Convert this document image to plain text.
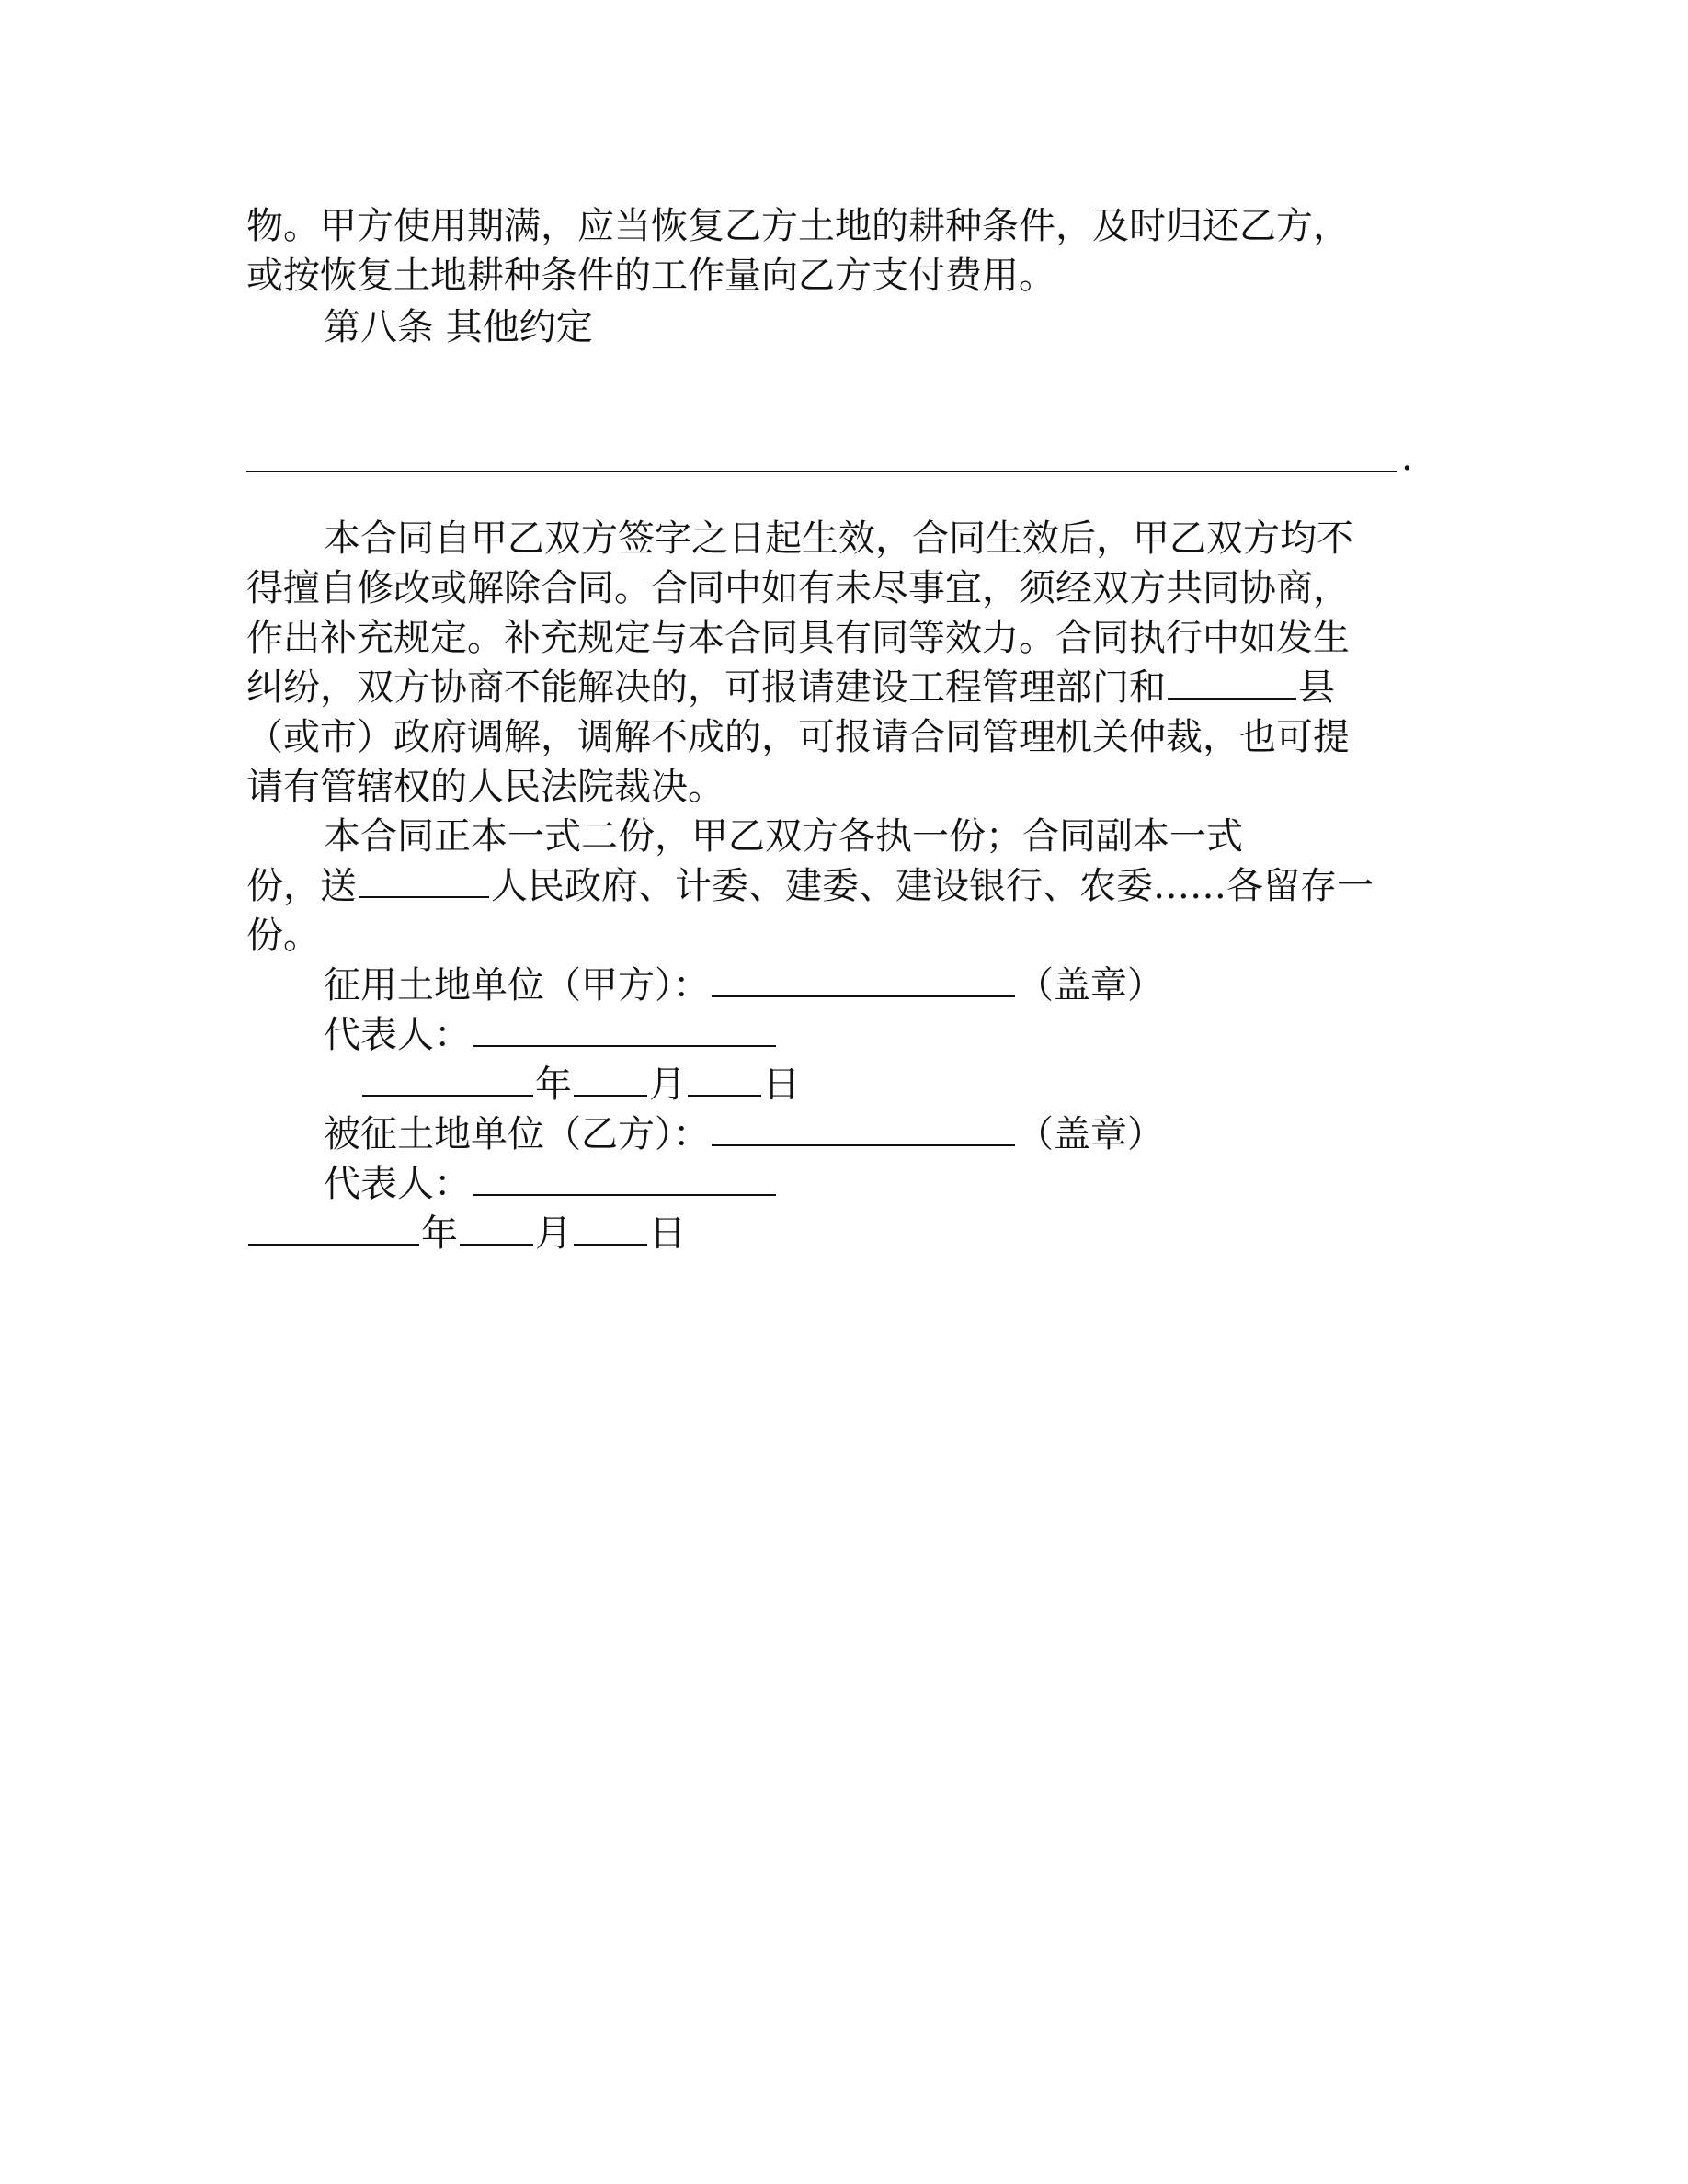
物。甲方使用期满，应当恢复乙方土地的耕种条件，及时归还乙方，
或按恢复土地耕种条件的工作量向乙方支付费用。
第八条 其他约定
.
本合同自甲乙双方签字之日起生效，合同生效后，甲乙双方均不
得擅自修改或解除合同。合同中如有未尽事宜，须经双方共同协商，
作出补充规定。补充规定与本合同具有同等效力。合同执行中如发生
纠纷，双方协商不能解决的，可报请建设工程管理部门和	县
（或市）政府调解，调解不成的，可报请合同管理机关仲裁，也可提
请有管辖权的人民法院裁决。
本合同正本一式二份，甲乙双方各执一份；合同副本一式
份，送	人民政府、计委、建委、建设银行、农委……各留存一
份。
征用土地单位（甲方）：	（盖章）
代表人：
年 月 日
被征土地单位（乙方）：	（盖章）
代表人：
年 月 日
